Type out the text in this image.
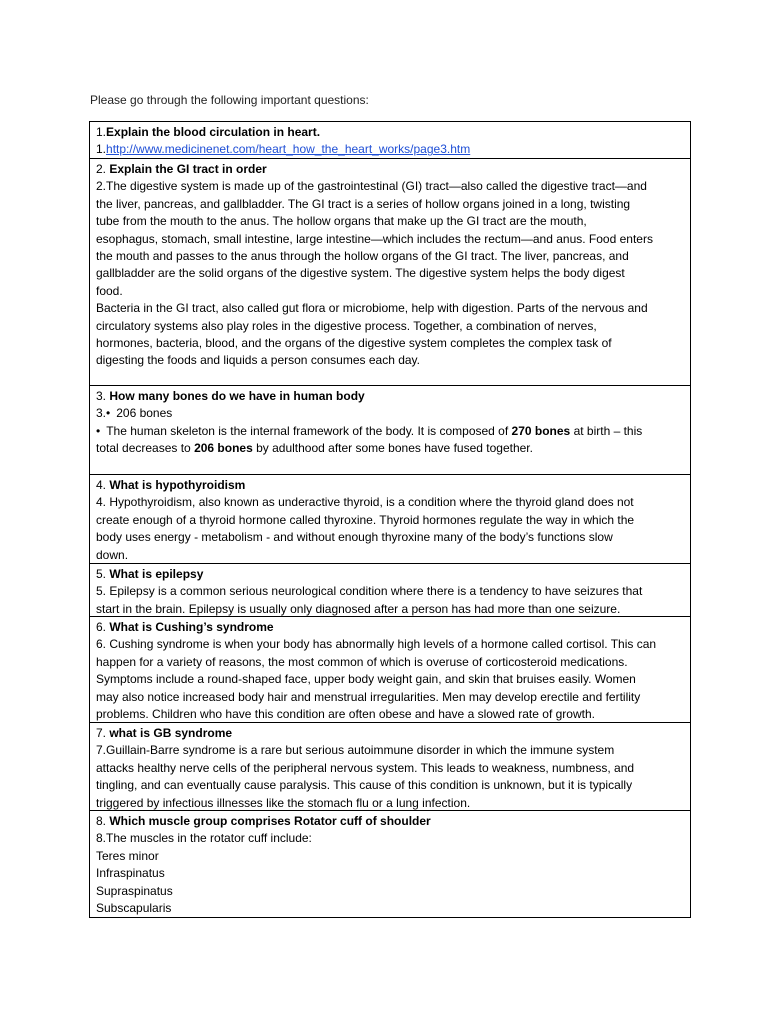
Please go through the following important questions:
1.Explain the blood circulation in heart.
1.http://www.medicinenet.com/heart_how_the_heart_works/page3.htm
2. Explain the GI tract in order
2.The digestive system is made up of the gastrointestinal (GI) tract—also called the digestive tract—and
the liver, pancreas, and gallbladder. The GI tract is a series of hollow organs joined in a long, twisting
tube from the mouth to the anus. The hollow organs that make up the GI tract are the mouth,
esophagus, stomach, small intestine, large intestine—which includes the rectum—and anus. Food enters
the mouth and passes to the anus through the hollow organs of the GI tract. The liver, pancreas, and
gallbladder are the solid organs of the digestive system. The digestive system helps the body digest
food.
Bacteria in the GI tract, also called gut flora or microbiome, help with digestion. Parts of the nervous and
circulatory systems also play roles in the digestive process. Together, a combination of nerves,
hormones, bacteria, blood, and the organs of the digestive system completes the complex task of
digesting the foods and liquids a person consumes each day.
3. How many bones do we have in human body
3.• 206 bones
• The human skeleton is the internal framework of the body. It is composed of 270 bones at birth – this
total decreases to 206 bones by adulthood after some bones have fused together.
4. What is hypothyroidism
4. Hypothyroidism, also known as underactive thyroid, is a condition where the thyroid gland does not
create enough of a thyroid hormone called thyroxine. Thyroid hormones regulate the way in which the
body uses energy - metabolism - and without enough thyroxine many of the body’s functions slow
down.
5. What is epilepsy
5. Epilepsy is a common serious neurological condition where there is a tendency to have seizures that
start in the brain. Epilepsy is usually only diagnosed after a person has had more than one seizure.
6. What is Cushing’s syndrome
6. Cushing syndrome is when your body has abnormally high levels of a hormone called cortisol. This can
happen for a variety of reasons, the most common of which is overuse of corticosteroid medications.
Symptoms include a round-shaped face, upper body weight gain, and skin that bruises easily. Women
may also notice increased body hair and menstrual irregularities. Men may develop erectile and fertility
problems. Children who have this condition are often obese and have a slowed rate of growth.
7. what is GB syndrome
7.Guillain-Barre syndrome is a rare but serious autoimmune disorder in which the immune system
attacks healthy nerve cells of the peripheral nervous system. This leads to weakness, numbness, and
tingling, and can eventually cause paralysis. This cause of this condition is unknown, but it is typically
triggered by infectious illnesses like the stomach flu or a lung infection.
8. Which muscle group comprises Rotator cuff of shoulder
8.The muscles in the rotator cuff include:
Teres minor
Infraspinatus
Supraspinatus
Subscapularis
